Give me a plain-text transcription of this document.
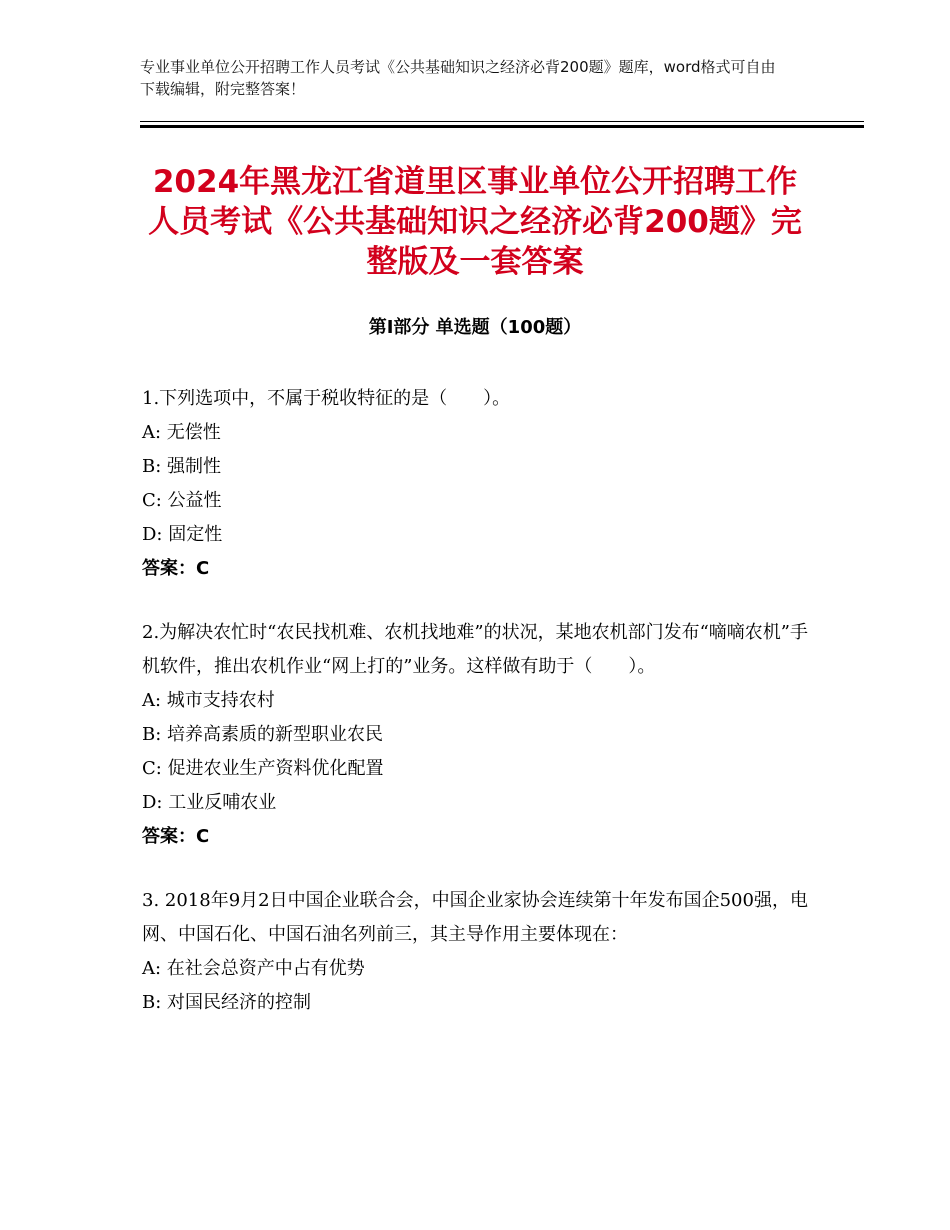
专业事业单位公开招聘工作人员考试《公共基础知识之经济必背200题》题库，word格式可自由下载编辑，附完整答案！
2024年黑龙江省道里区事业单位公开招聘工作人员考试《公共基础知识之经济必背200题》完整版及一套答案
第Ⅰ部分 单选题（100题）

1.下列选项中，不属于税收特征的是（　　）。

A: 无偿性

B: 强制性

C: 公益性

D: 固定性

答案：C

2.为解决农忙时“农民找机难、农机找地难”的状况，某地农机部门发布“嘀嘀农机”手机软件，推出农机作业“网上打的”业务。这样做有助于（　　）。

A: 城市支持农村

B: 培养高素质的新型职业农民

C: 促进农业生产资料优化配置

D: 工业反哺农业

答案：C

3. 2018年9月2日中国企业联合会，中国企业家协会连续第十年发布国企500强，电网、中国石化、中国石油名列前三，其主导作用主要体现在：

A: 在社会总资产中占有优势

B: 对国民经济的控制
